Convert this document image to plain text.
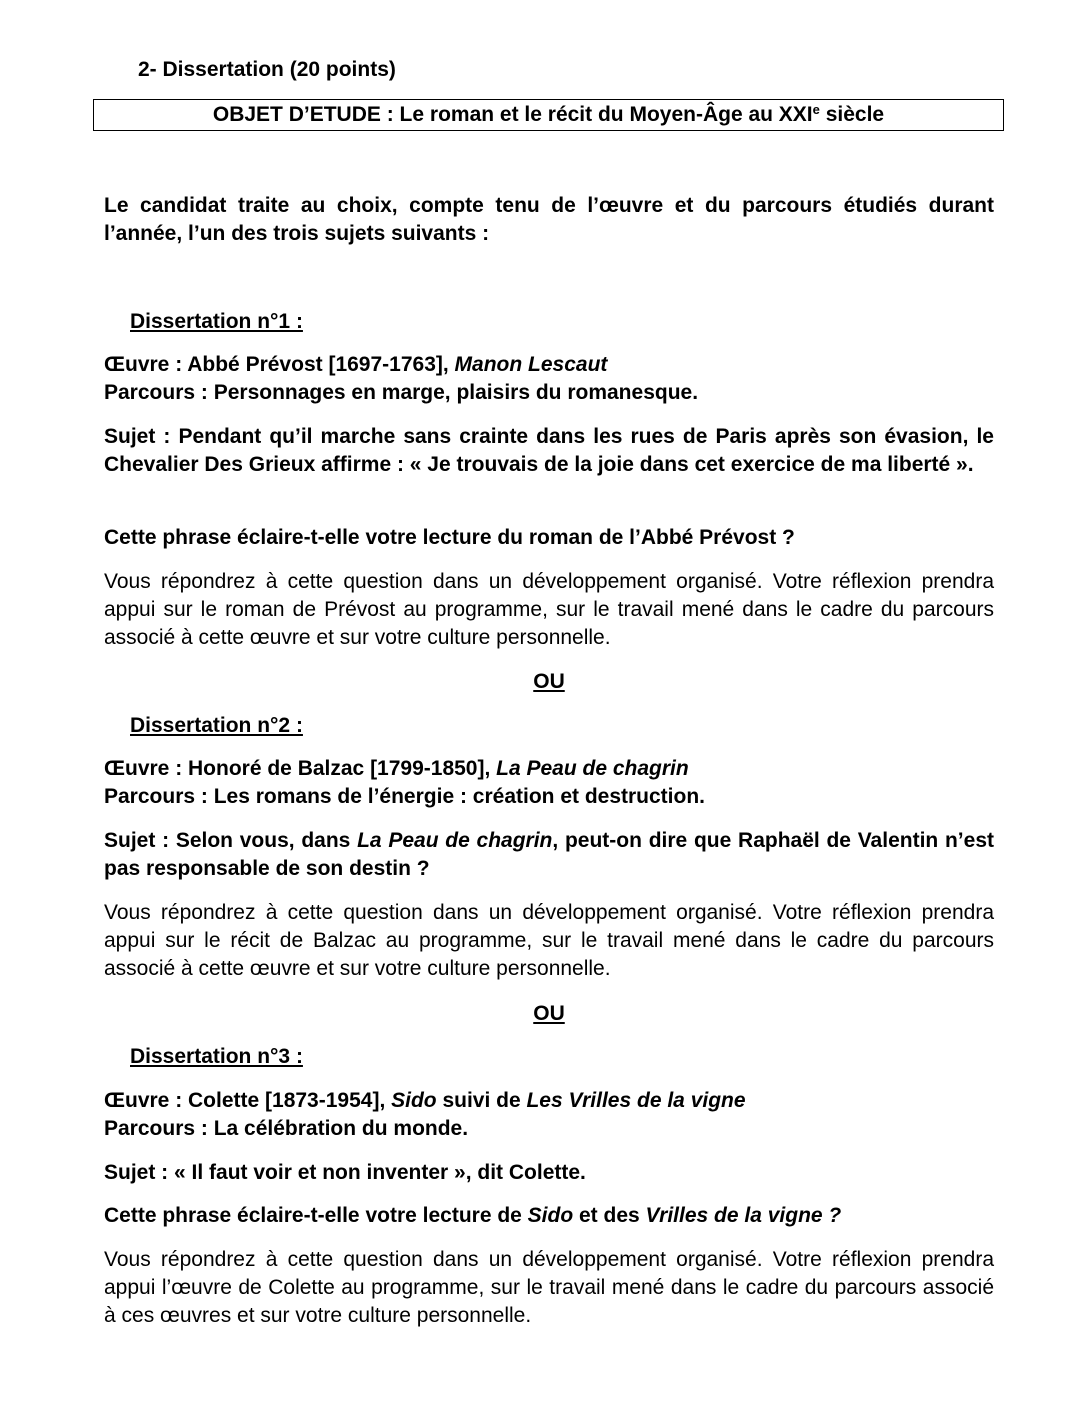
2- Dissertation (20 points)
OBJET D’ETUDE : Le roman et le récit du Moyen-Âge au XXIe siècle
Le candidat traite au choix, compte tenu de l’œuvre et du parcours étudiés durant l’année, l’un des trois sujets suivants :
Dissertation n°1 :
Œuvre : Abbé Prévost [1697-1763], Manon Lescaut
Parcours : Personnages en marge, plaisirs du romanesque.
Sujet : Pendant qu’il marche sans crainte dans les rues de Paris après son évasion, le Chevalier Des Grieux affirme : « Je trouvais de la joie dans cet exercice de ma liberté ».
Cette phrase éclaire-t-elle votre lecture du roman de l’Abbé Prévost ?
Vous répondrez à cette question dans un développement organisé. Votre réflexion prendra appui sur le roman de Prévost au programme, sur le travail mené dans le cadre du parcours associé à cette œuvre et sur votre culture personnelle.
OU
Dissertation n°2 :
Œuvre : Honoré de Balzac [1799-1850], La Peau de chagrin
Parcours : Les romans de l’énergie : création et destruction.
Sujet : Selon vous, dans La Peau de chagrin, peut-on dire que Raphaël de Valentin n’est pas responsable de son destin ?
Vous répondrez à cette question dans un développement organisé. Votre réflexion prendra appui sur le récit de Balzac au programme, sur le travail mené dans le cadre du parcours associé à cette œuvre et sur votre culture personnelle.
OU
Dissertation n°3 :
Œuvre : Colette [1873-1954], Sido suivi de Les Vrilles de la vigne
Parcours : La célébration du monde.
Sujet : « Il faut voir et non inventer », dit Colette.
Cette phrase éclaire-t-elle votre lecture de Sido et des Vrilles de la vigne ?
Vous répondrez à cette question dans un développement organisé. Votre réflexion prendra appui l’œuvre de Colette au programme, sur le travail mené dans le cadre du parcours associé à ces œuvres et sur votre culture personnelle.
